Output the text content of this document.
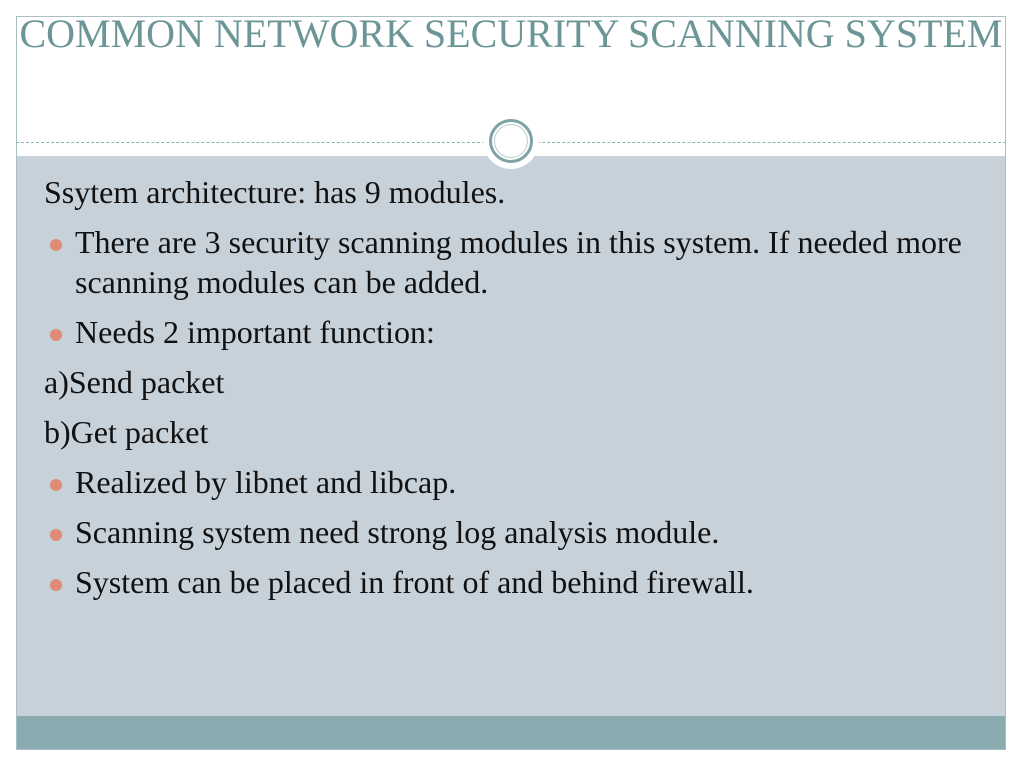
COMMON NETWORK SECURITY SCANNING SYSTEM

Ssytem architecture: has 9 modules.

There are 3 security scanning modules in this system. If needed more scanning modules can be added.

Needs 2 important function:

a)Send packet

b)Get packet

Realized by libnet and libcap.

Scanning system need strong log analysis module.

System can be placed in front of and behind firewall.
